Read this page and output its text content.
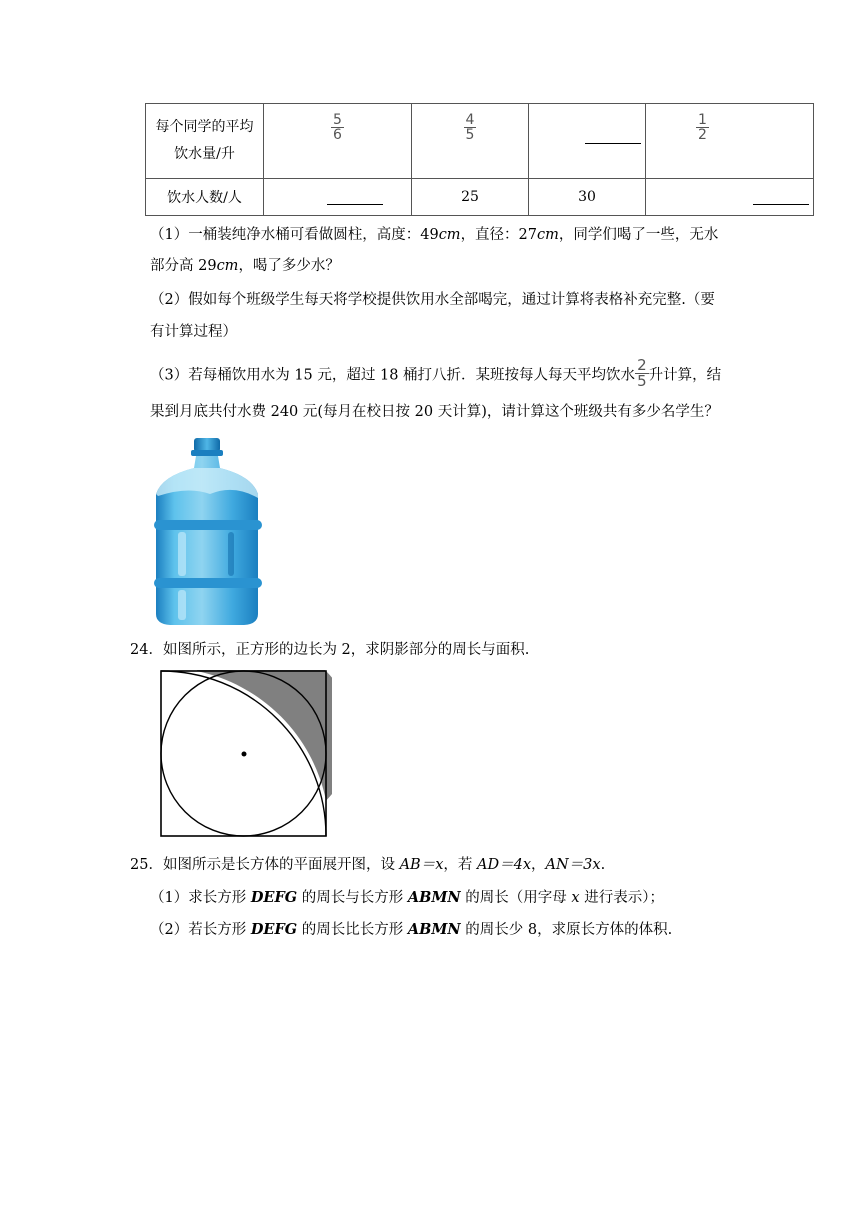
每个同学的平均
饮水量/升	$\frac{5}{6}$	$\frac{4}{5}$		$\frac{1}{2}$

饮水人数/人		25	30	
（1）一桶装纯净水桶可看做圆柱，高度：49cm，直径：27cm，同学们喝了一些，无水
部分高 29cm，喝了多少水？
（2）假如每个班级学生每天将学校提供饮用水全部喝完，通过计算将表格补充完整.（要
有计算过程）
（3）若每桶饮用水为 15 元，超过 18 桶打八折．某班按每人每天平均饮水 $\frac{2}{5}$ 升计算，结
果到月底共付水费 240 元(每月在校日按 20 天计算)，请计算这个班级共有多少名学生？
24．如图所示，正方形的边长为 2，求阴影部分的周长与面积.
25．如图所示是长方体的平面展开图，设 AB＝x，若 AD＝4x，AN＝3x.
（1）求长方形 DEFG 的周长与长方形 ABMN 的周长（用字母 x 进行表示）；
（2）若长方形 DEFG 的周长比长方形 ABMN 的周长少 8，求原长方体的体积.
